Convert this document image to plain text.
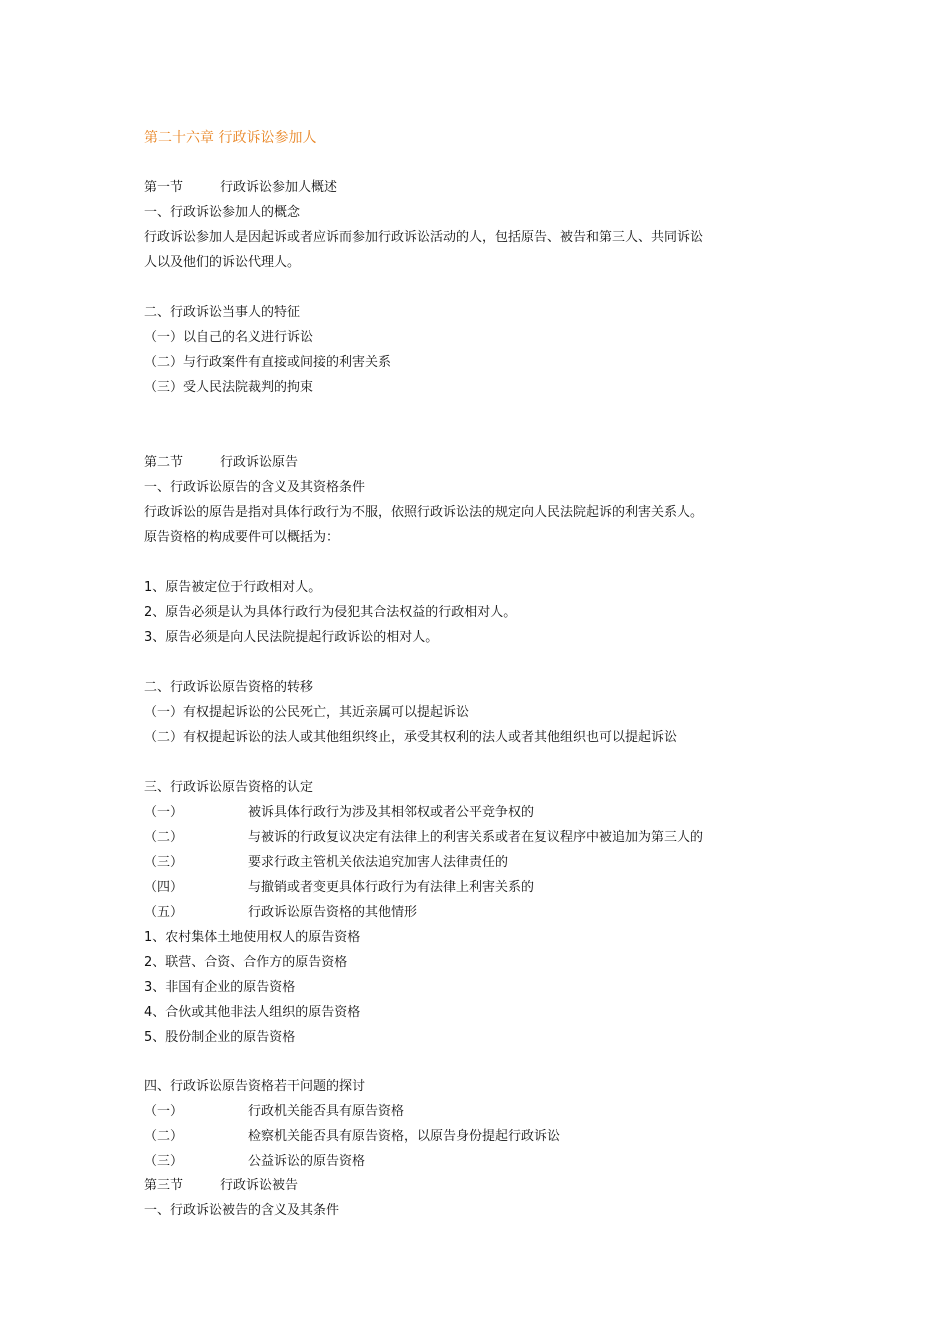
第二十六章 行政诉讼参加人
第一节	行政诉讼参加人概述
一、行政诉讼参加人的概念
行政诉讼参加人是因起诉或者应诉而参加行政诉讼活动的人，包括原告、被告和第三人、共同诉讼
人以及他们的诉讼代理人。
二、行政诉讼当事人的特征
（一）以自己的名义进行诉讼
（二）与行政案件有直接或间接的利害关系
（三）受人民法院裁判的拘束
第二节	行政诉讼原告
一、行政诉讼原告的含义及其资格条件
行政诉讼的原告是指对具体行政行为不服，依照行政诉讼法的规定向人民法院起诉的利害关系人。
原告资格的构成要件可以概括为：
1、原告被定位于行政相对人。
2、原告必须是认为具体行政行为侵犯其合法权益的行政相对人。
3、原告必须是向人民法院提起行政诉讼的相对人。
二、行政诉讼原告资格的转移
（一）有权提起诉讼的公民死亡，其近亲属可以提起诉讼
（二）有权提起诉讼的法人或其他组织终止，承受其权利的法人或者其他组织也可以提起诉讼
三、行政诉讼原告资格的认定
（一）	被诉具体行政行为涉及其相邻权或者公平竞争权的
（二）	与被诉的行政复议决定有法律上的利害关系或者在复议程序中被追加为第三人的
（三）	要求行政主管机关依法追究加害人法律责任的
（四）	与撤销或者变更具体行政行为有法律上利害关系的
（五）	行政诉讼原告资格的其他情形
1、农村集体土地使用权人的原告资格
2、联营、合资、合作方的原告资格
3、非国有企业的原告资格
4、合伙或其他非法人组织的原告资格
5、股份制企业的原告资格
四、行政诉讼原告资格若干问题的探讨
（一）	行政机关能否具有原告资格
（二）	检察机关能否具有原告资格，以原告身份提起行政诉讼
（三）	公益诉讼的原告资格
第三节	行政诉讼被告
一、行政诉讼被告的含义及其条件
